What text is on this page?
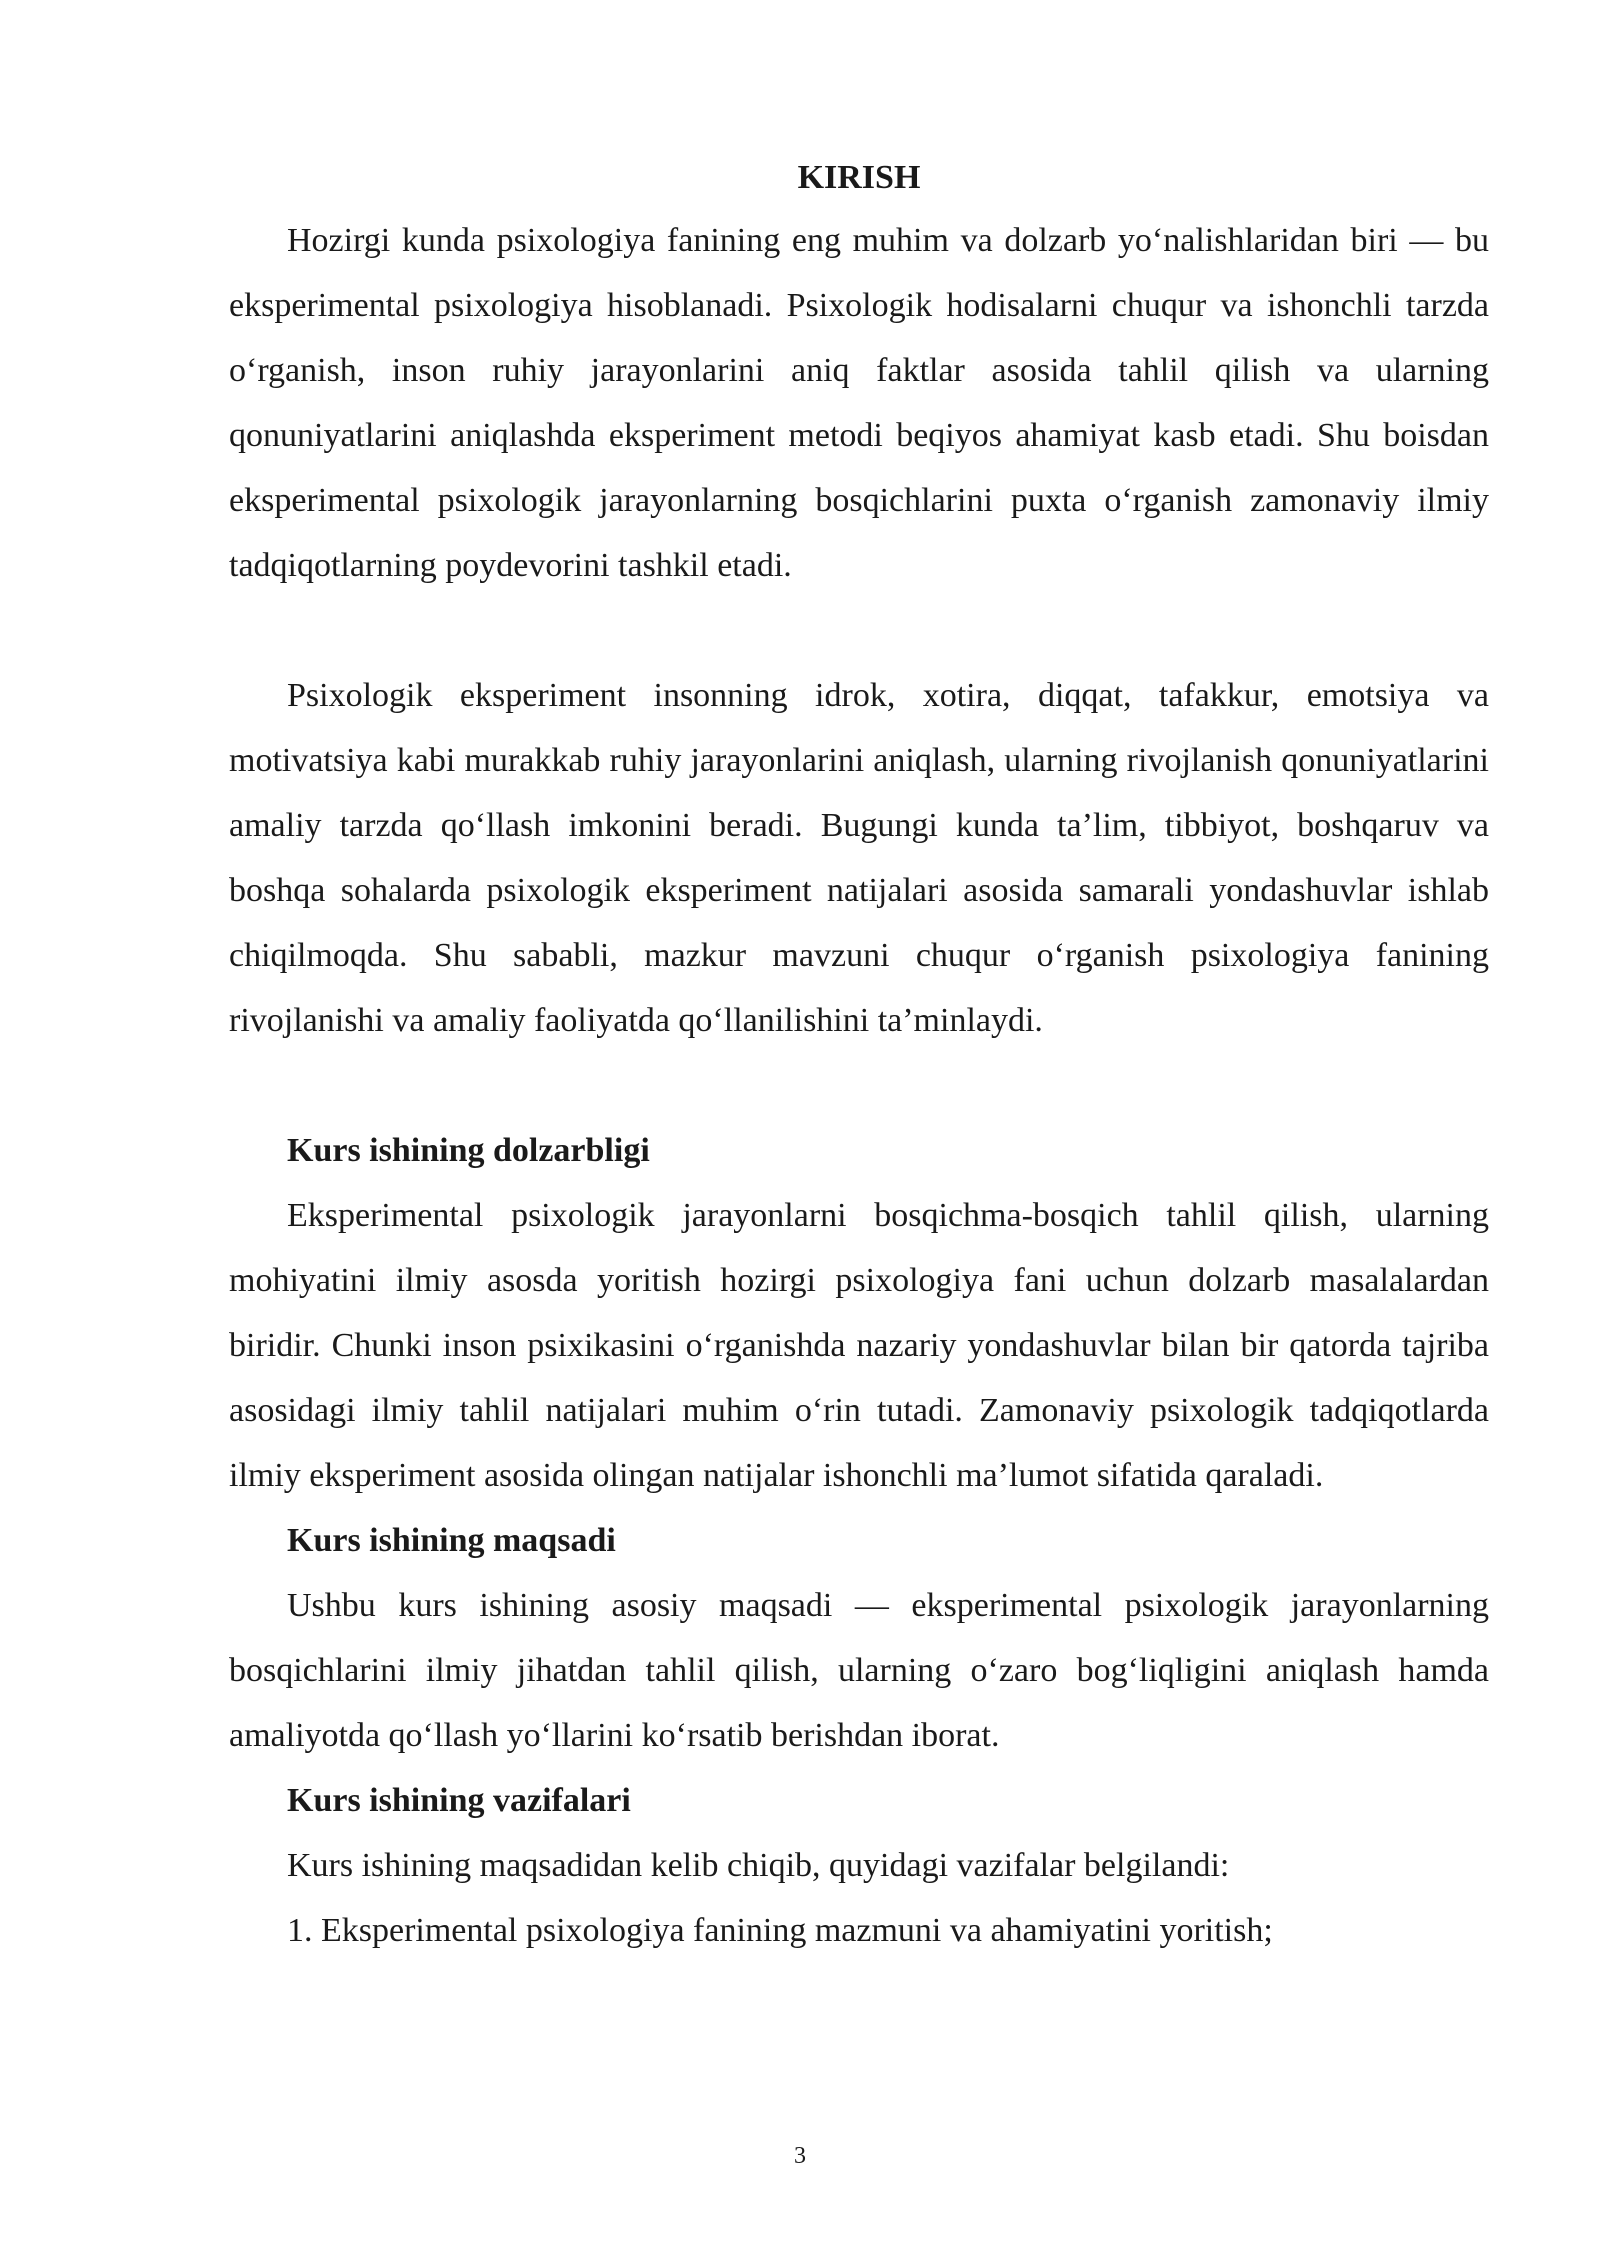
KIRISH

Hozirgi kunda psixologiya fanining eng muhim va dolzarb yo‘nalishlaridan biri — bu eksperimental psixologiya hisoblanadi. Psixologik hodisalarni chuqur va ishonchli tarzda o‘rganish, inson ruhiy jarayonlarini aniq faktlar asosida tahlil qilish va ularning qonuniyatlarini aniqlashda eksperiment metodi beqiyos ahamiyat kasb etadi. Shu boisdan eksperimental psixologik jarayonlarning bosqichlarini puxta o‘rganish zamonaviy ilmiy tadqiqotlarning poydevorini tashkil etadi.

Psixologik eksperiment insonning idrok, xotira, diqqat, tafakkur, emotsiya va motivatsiya kabi murakkab ruhiy jarayonlarini aniqlash, ularning rivojlanish qonuniyatlarini amaliy tarzda qo‘llash imkonini beradi. Bugungi kunda ta’lim, tibbiyot, boshqaruv va boshqa sohalarda psixologik eksperiment natijalari asosida samarali yondashuvlar ishlab chiqilmoqda. Shu sababli, mazkur mavzuni chuqur o‘rganish psixologiya fanining rivojlanishi va amaliy faoliyatda qo‘llanilishini ta’minlaydi.

Kurs ishining dolzarbligi

Eksperimental psixologik jarayonlarni bosqichma-bosqich tahlil qilish, ularning mohiyatini ilmiy asosda yoritish hozirgi psixologiya fani uchun dolzarb masalalardan biridir. Chunki inson psixikasini o‘rganishda nazariy yondashuvlar bilan bir qatorda tajriba asosidagi ilmiy tahlil natijalari muhim o‘rin tutadi. Zamonaviy psixologik tadqiqotlarda ilmiy eksperiment asosida olingan natijalar ishonchli ma’lumot sifatida qaraladi.

Kurs ishining maqsadi

Ushbu kurs ishining asosiy maqsadi — eksperimental psixologik jarayonlarning bosqichlarini ilmiy jihatdan tahlil qilish, ularning o‘zaro bog‘liqligini aniqlash hamda amaliyotda qo‘llash yo‘llarini ko‘rsatib berishdan iborat.

Kurs ishining vazifalari

Kurs ishining maqsadidan kelib chiqib, quyidagi vazifalar belgilandi:

1. Eksperimental psixologiya fanining mazmuni va ahamiyatini yoritish;

3
